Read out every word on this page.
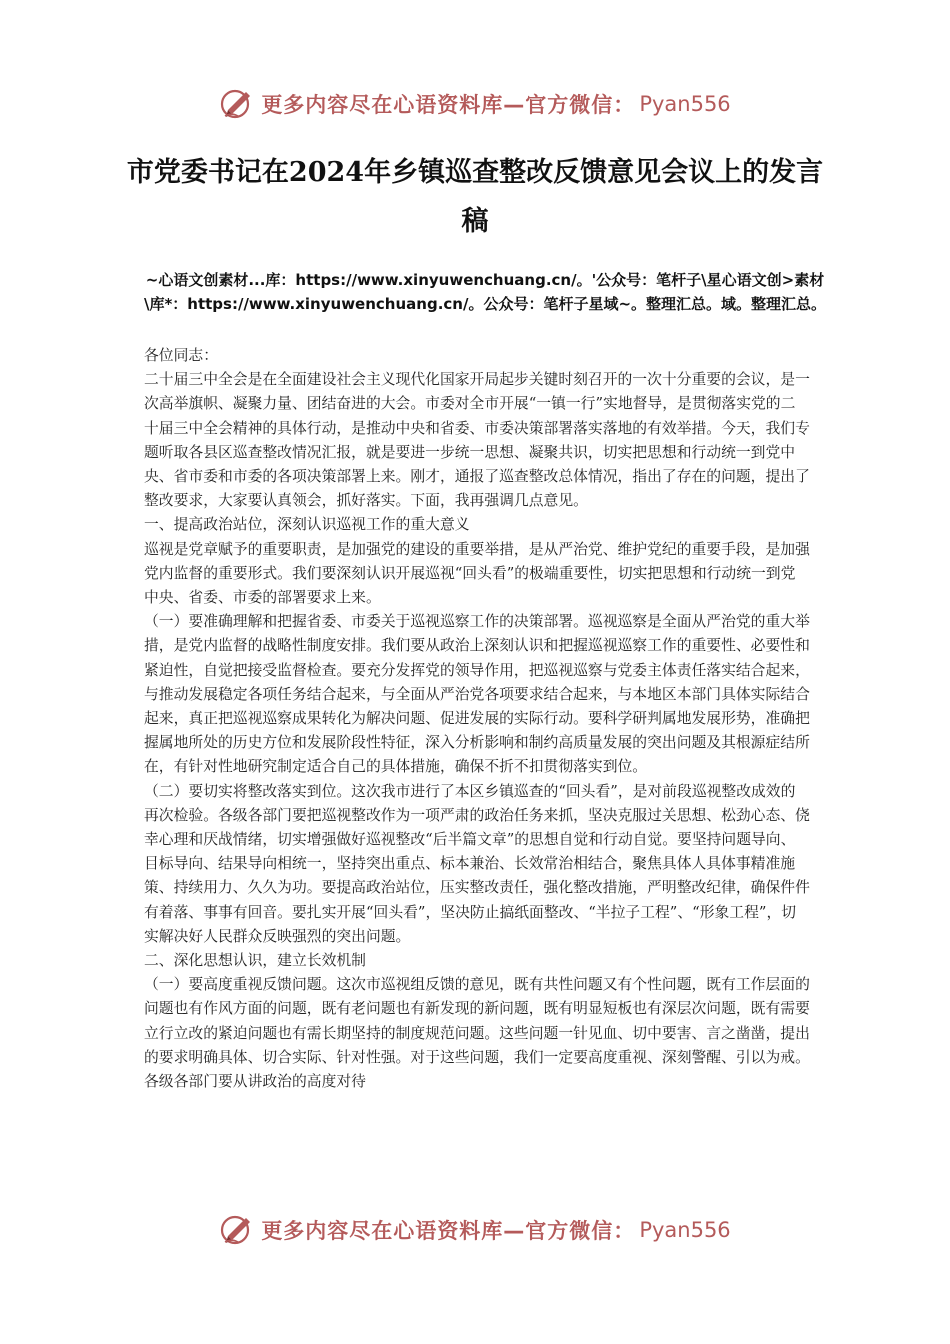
更多内容尽在心语资料库—官方微信： Pyan556
市党委书记在2024年乡镇巡查整改反馈意见会议上的发言稿
~心语文创素材...库：https://www.xinyuwenchuang.cn/。'公众号：笔杆子\星心语文创>素材\库*：https://www.xinyuwenchuang.cn/。公众号：笔杆子星域~。整理汇总。域。整理汇总。

各位同志：

二十届三中全会是在全面建设社会主义现代化国家开局起步关键时刻召开的一次十分重要的会议，是一次高举旗帜、凝聚力量、团结奋进的大会。市委对全市开展“一镇一行”实地督导，是贯彻落实党的二十届三中全会精神的具体行动，是推动中央和省委、市委决策部署落实落地的有效举措。今天，我们专题听取各县区巡查整改情况汇报，就是要进一步统一思想、凝聚共识，切实把思想和行动统一到党中央、省市委和市委的各项决策部署上来。刚才，通报了巡查整改总体情况，指出了存在的问题，提出了整改要求，大家要认真领会，抓好落实。下面，我再强调几点意见。

一、提高政治站位，深刻认识巡视工作的重大意义

巡视是党章赋予的重要职责，是加强党的建设的重要举措，是从严治党、维护党纪的重要手段，是加强党内监督的重要形式。我们要深刻认识开展巡视“回头看”的极端重要性，切实把思想和行动统一到党中央、省委、市委的部署要求上来。

（一）要准确理解和把握省委、市委关于巡视巡察工作的决策部署。巡视巡察是全面从严治党的重大举措，是党内监督的战略性制度安排。我们要从政治上深刻认识和把握巡视巡察工作的重要性、必要性和紧迫性，自觉把接受监督检查。要充分发挥党的领导作用，把巡视巡察与党委主体责任落实结合起来，与推动发展稳定各项任务结合起来，与全面从严治党各项要求结合起来，与本地区本部门具体实际结合起来，真正把巡视巡察成果转化为解决问题、促进发展的实际行动。要科学研判属地发展形势，准确把握属地所处的历史方位和发展阶段性特征，深入分析影响和制约高质量发展的突出问题及其根源症结所在，有针对性地研究制定适合自己的具体措施，确保不折不扣贯彻落实到位。

（二）要切实将整改落实到位。这次我市进行了本区乡镇巡查的“回头看”，是对前段巡视整改成效的再次检验。各级各部门要把巡视整改作为一项严肃的政治任务来抓，坚决克服过关思想、松劲心态、侥幸心理和厌战情绪，切实增强做好巡视整改“后半篇文章”的思想自觉和行动自觉。要坚持问题导向、目标导向、结果导向相统一，坚持突出重点、标本兼治、长效常治相结合，聚焦具体人具体事精准施策、持续用力、久久为功。要提高政治站位，压实整改责任，强化整改措施，严明整改纪律，确保件件有着落、事事有回音。要扎实开展“回头看”，坚决防止搞纸面整改、“半拉子工程”、“形象工程”，切实解决好人民群众反映强烈的突出问题。

二、深化思想认识，建立长效机制

（一）要高度重视反馈问题。这次市巡视组反馈的意见，既有共性问题又有个性问题，既有工作层面的问题也有作风方面的问题，既有老问题也有新发现的新问题，既有明显短板也有深层次问题，既有需要立行立改的紧迫问题也有需长期坚持的制度规范问题。这些问题一针见血、切中要害、言之凿凿，提出的要求明确具体、切合实际、针对性强。对于这些问题，我们一定要高度重视、深刻警醒、引以为戒。各级各部门要从讲政治的高度对待

更多内容尽在心语资料库—官方微信： Pyan556
